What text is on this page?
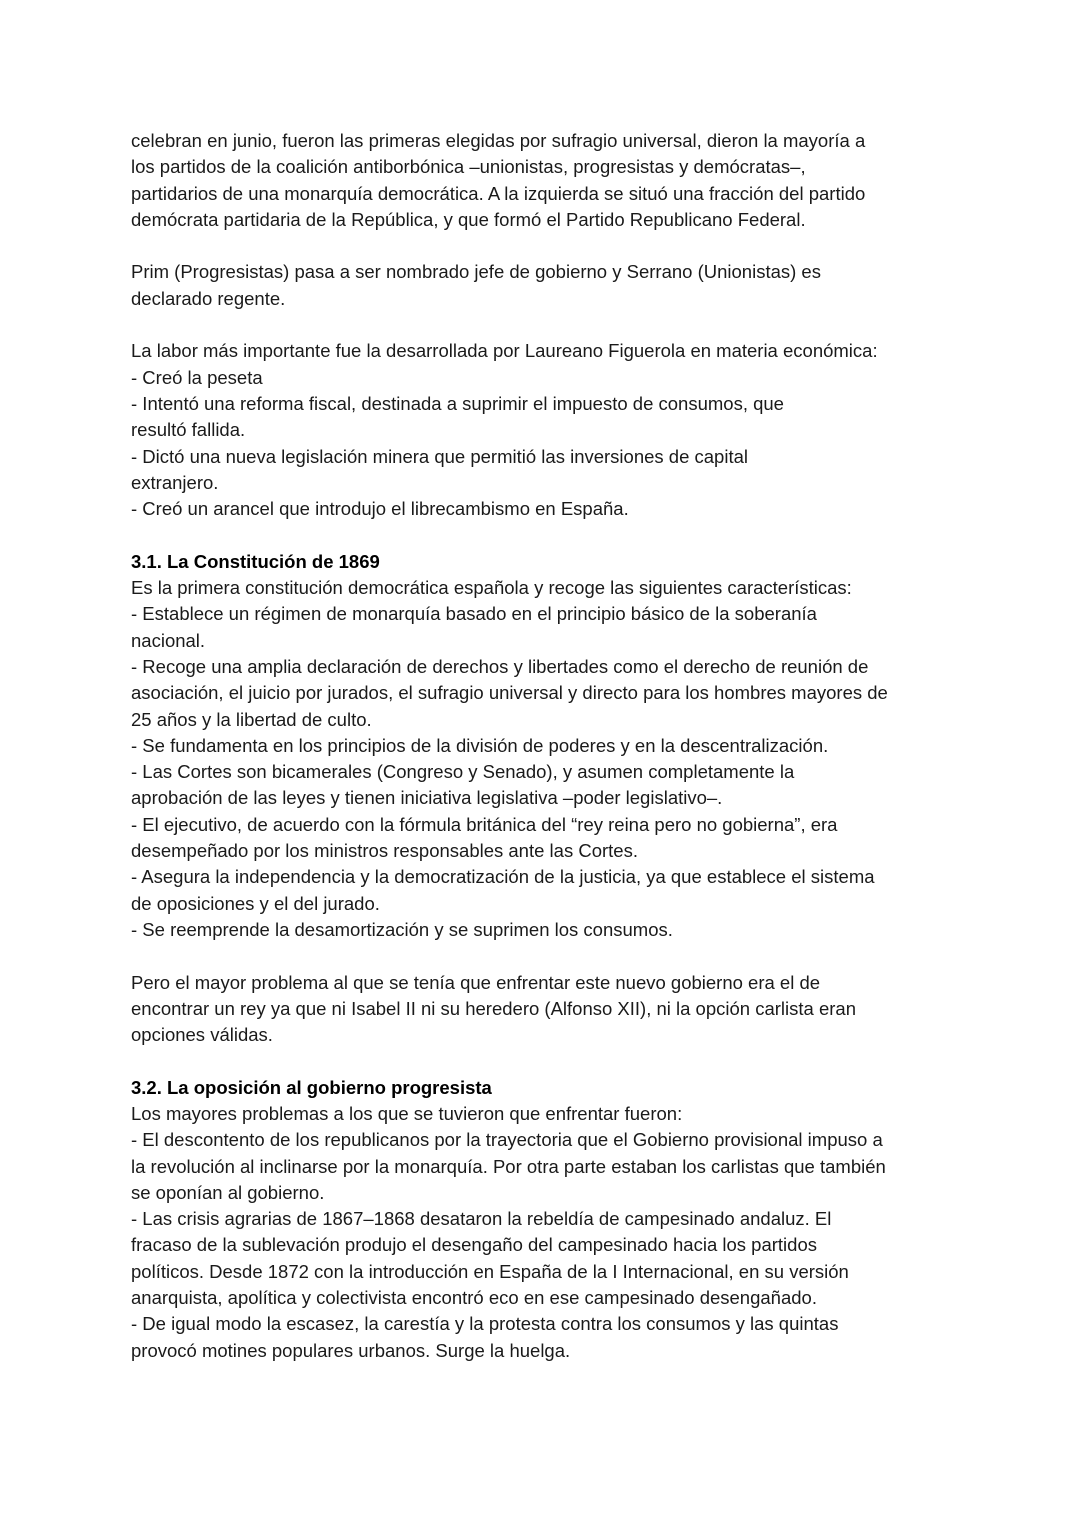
celebran en junio, fueron las primeras elegidas por sufragio universal, dieron la mayoría a
los partidos de la coalición antiborbónica –unionistas, progresistas y demócratas–,
partidarios de una monarquía democrática. A la izquierda se situó una fracción del partido
demócrata partidaria de la República, y que formó el Partido Republicano Federal.
Prim (Progresistas) pasa a ser nombrado jefe de gobierno y Serrano (Unionistas) es
declarado regente.
La labor más importante fue la desarrollada por Laureano Figuerola en materia económica:
- Creó la peseta
- Intentó una reforma fiscal, destinada a suprimir el impuesto de consumos, que
resultó fallida.
- Dictó una nueva legislación minera que permitió las inversiones de capital
extranjero.
- Creó un arancel que introdujo el librecambismo en España.
3.1. La Constitución de 1869
Es la primera constitución democrática española y recoge las siguientes características:
- Establece un régimen de monarquía basado en el principio básico de la soberanía
nacional.
- Recoge una amplia declaración de derechos y libertades como el derecho de reunión de
asociación, el juicio por jurados, el sufragio universal y directo para los hombres mayores de
25 años y la libertad de culto.
- Se fundamenta en los principios de la división de poderes y en la descentralización.
- Las Cortes son bicamerales (Congreso y Senado), y asumen completamente la
aprobación de las leyes y tienen iniciativa legislativa –poder legislativo–.
- El ejecutivo, de acuerdo con la fórmula británica del “rey reina pero no gobierna”, era
desempeñado por los ministros responsables ante las Cortes.
- Asegura la independencia y la democratización de la justicia, ya que establece el sistema
de oposiciones y el del jurado.
- Se reemprende la desamortización y se suprimen los consumos.
Pero el mayor problema al que se tenía que enfrentar este nuevo gobierno era el de
encontrar un rey ya que ni Isabel II ni su heredero (Alfonso XII), ni la opción carlista eran
opciones válidas.
3.2. La oposición al gobierno progresista
Los mayores problemas a los que se tuvieron que enfrentar fueron:
- El descontento de los republicanos por la trayectoria que el Gobierno provisional impuso a
la revolución al inclinarse por la monarquía. Por otra parte estaban los carlistas que también
se oponían al gobierno.
- Las crisis agrarias de 1867–1868 desataron la rebeldía de campesinado andaluz. El
fracaso de la sublevación produjo el desengaño del campesinado hacia los partidos
políticos. Desde 1872 con la introducción en España de la I Internacional, en su versión
anarquista, apolítica y colectivista encontró eco en ese campesinado desengañado.
- De igual modo la escasez, la carestía y la protesta contra los consumos y las quintas
provocó motines populares urbanos. Surge la huelga.
